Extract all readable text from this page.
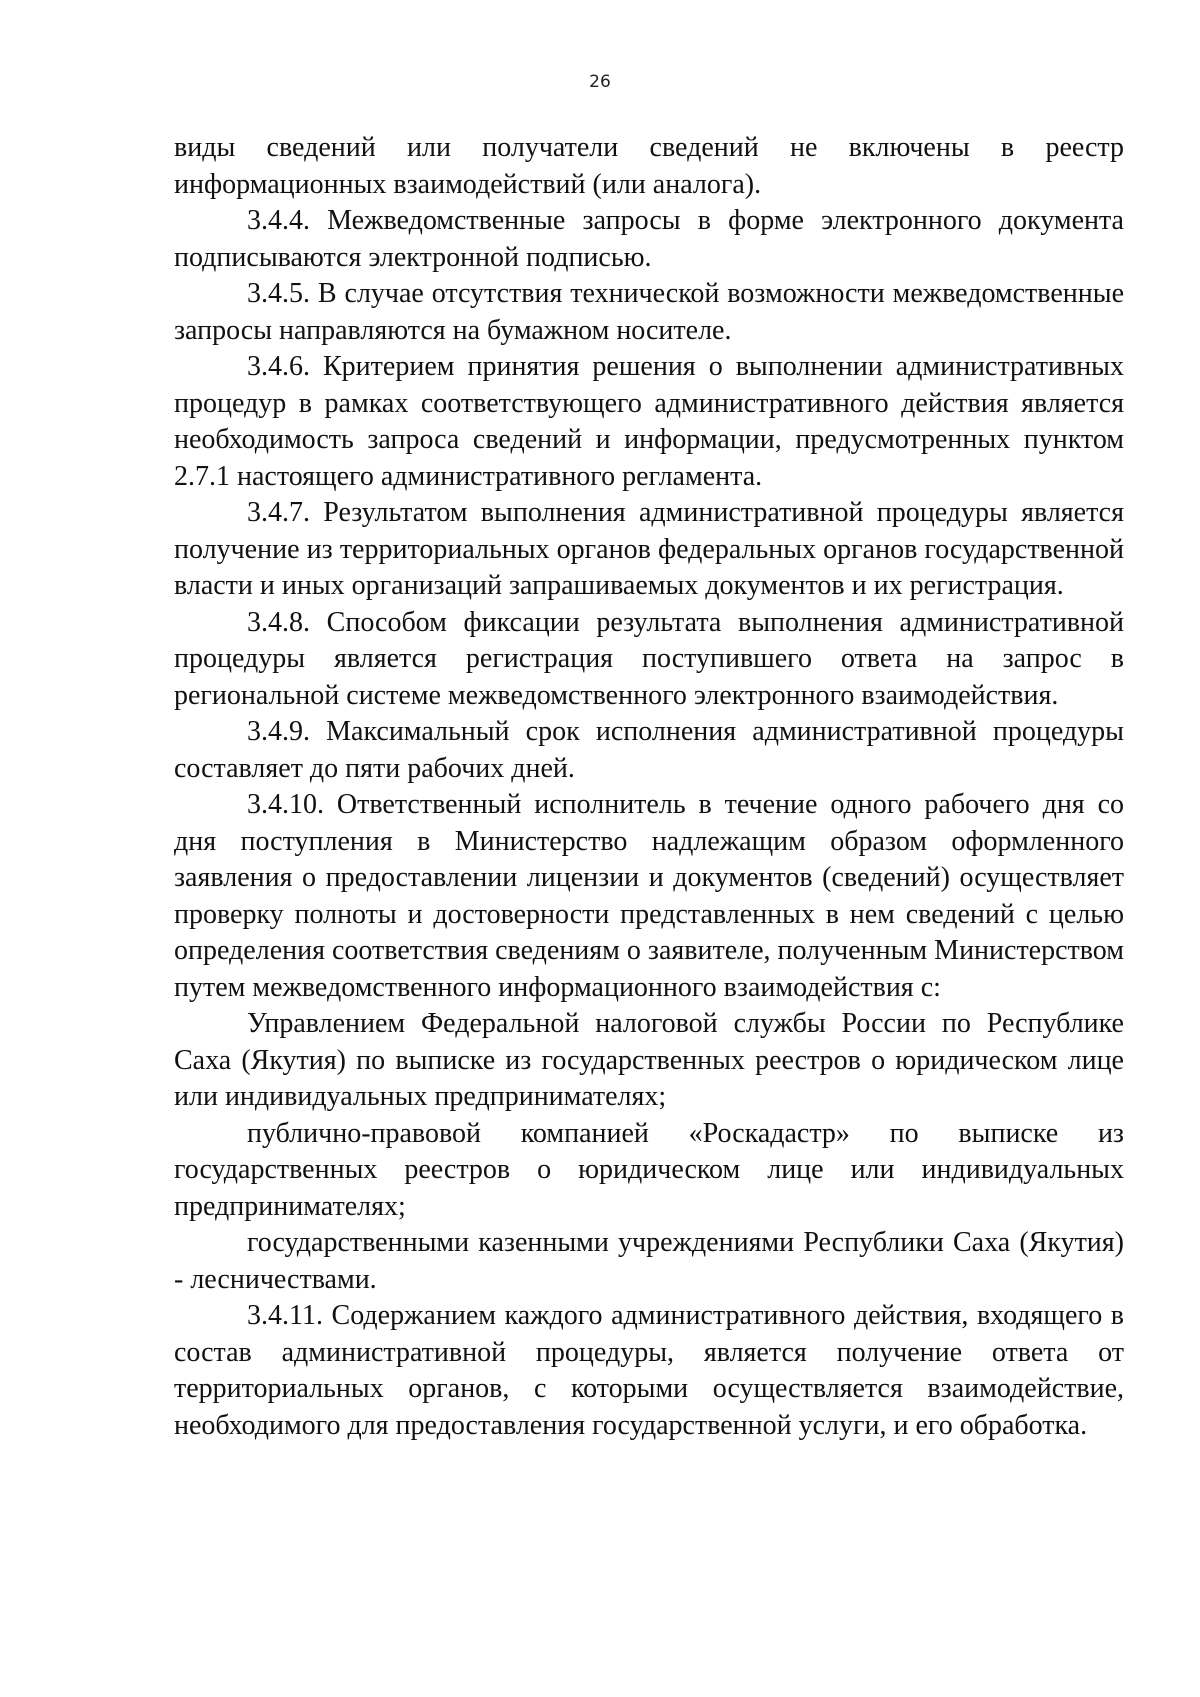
26

виды сведений или получатели сведений не включены в реестр информационных взаимодействий (или аналога).

3.4.4. Межведомственные запросы в форме электронного документа подписываются электронной подписью.

3.4.5. В случае отсутствия технической возможности межведомственные запросы направляются на бумажном носителе.

3.4.6. Критерием принятия решения о выполнении административных процедур в рамках соответствующего административного действия является необходимость запроса сведений и информации, предусмотренных пунктом 2.7.1 настоящего административного регламента.

3.4.7. Результатом выполнения административной процедуры является получение из территориальных органов федеральных органов государственной власти и иных организаций запрашиваемых документов и их регистрация.

3.4.8. Способом фиксации результата выполнения административной процедуры является регистрация поступившего ответа на запрос в региональной системе межведомственного электронного взаимодействия.

3.4.9. Максимальный срок исполнения административной процедуры составляет до пяти рабочих дней.

3.4.10. Ответственный исполнитель в течение одного рабочего дня со дня поступления в Министерство надлежащим образом оформленного заявления о предоставлении лицензии и документов (сведений) осуществляет проверку полноты и достоверности представленных в нем сведений с целью определения соответствия сведениям о заявителе, полученным Министерством путем межведомственного информационного взаимодействия с:

Управлением Федеральной налоговой службы России по Республике Саха (Якутия) по выписке из государственных реестров о юридическом лице или индивидуальных предпринимателях;

публично-правовой компанией «Роскадастр» по выписке из государственных реестров о юридическом лице или индивидуальных предпринимателях;

государственными казенными учреждениями Республики Саха (Якутия) - лесничествами.

3.4.11. Содержанием каждого административного действия, входящего в состав административной процедуры, является получение ответа от территориальных органов, с которыми осуществляется взаимодействие, необходимого для предоставления государственной услуги, и его обработка.
